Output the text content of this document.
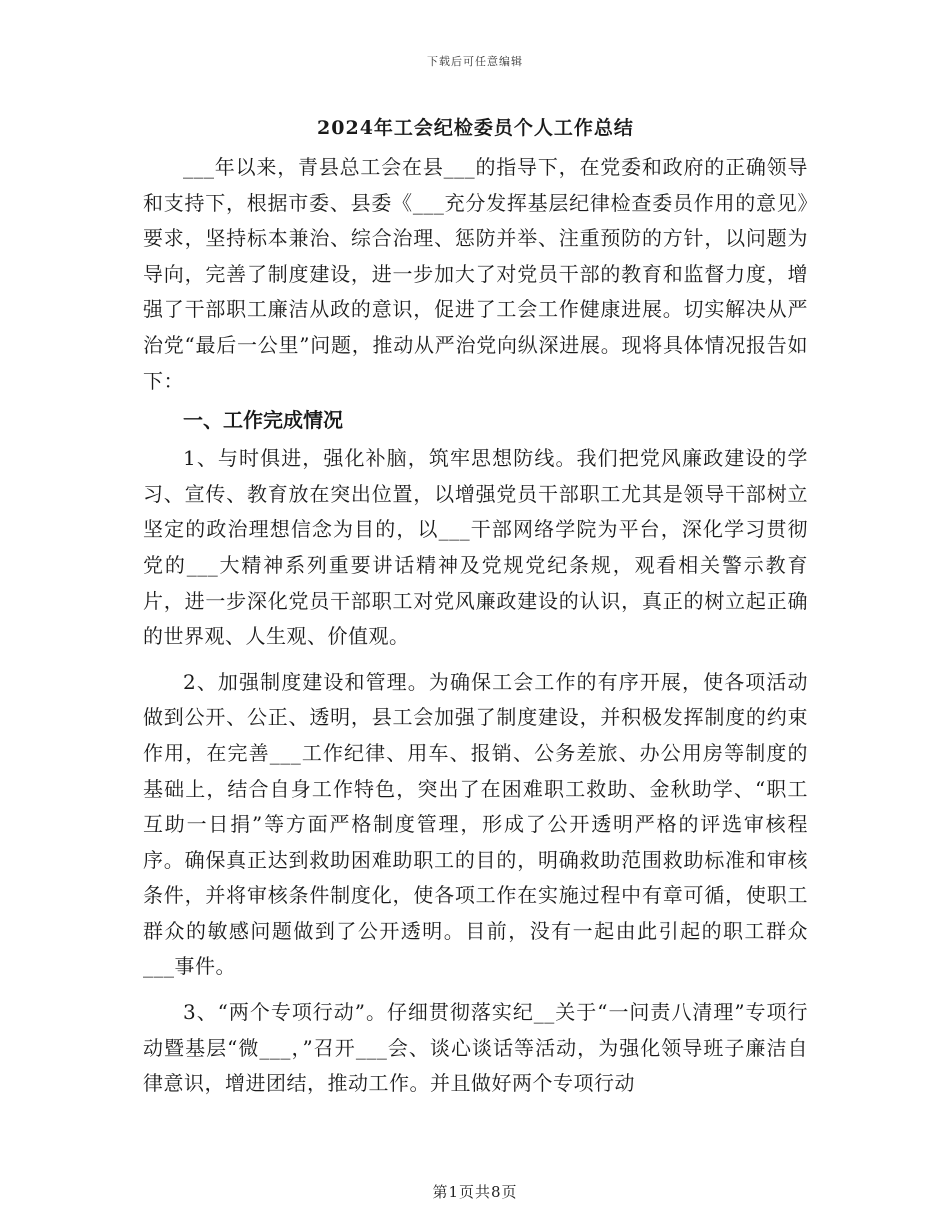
下载后可任意编辑
2024年工会纪检委员个人工作总结

___年以来，青县总工会在县___的指导下，在党委和政府的正确领导和支持下，根据市委、县委《___充分发挥基层纪律检查委员作用的意见》要求，坚持标本兼治、综合治理、惩防并举、注重预防的方针，以问题为导向，完善了制度建设，进一步加大了对党员干部的教育和监督力度，增强了干部职工廉洁从政的意识，促进了工会工作健康进展。切实解决从严治党“最后一公里”问题，推动从严治党向纵深进展。现将具体情况报告如下：

一、工作完成情况

1、与时俱进，强化补脑，筑牢思想防线。我们把党风廉政建设的学习、宣传、教育放在突出位置，以增强党员干部职工尤其是领导干部树立坚定的政治理想信念为目的，以___干部网络学院为平台，深化学习贯彻党的___大精神系列重要讲话精神及党规党纪条规，观看相关警示教育片，进一步深化党员干部职工对党风廉政建设的认识，真正的树立起正确的世界观、人生观、价值观。

2、加强制度建设和管理。为确保工会工作的有序开展，使各项活动做到公开、公正、透明，县工会加强了制度建设，并积极发挥制度的约束作用，在完善___工作纪律、用车、报销、公务差旅、办公用房等制度的基础上，结合自身工作特色，突出了在困难职工救助、金秋助学、“职工互助一日捐”等方面严格制度管理，形成了公开透明严格的评选审核程序。确保真正达到救助困难助职工的目的，明确救助范围救助标准和审核条件，并将审核条件制度化，使各项工作在实施过程中有章可循，使职工群众的敏感问题做到了公开透明。目前，没有一起由此引起的职工群众___事件。

3、“两个专项行动”。仔细贯彻落实纪__关于“一问责八清理”专项行动暨基层“微___，”召开___会、谈心谈话等活动，为强化领导班子廉洁自律意识，增进团结，推动工作。并且做好两个专项行动

第1页共8页
